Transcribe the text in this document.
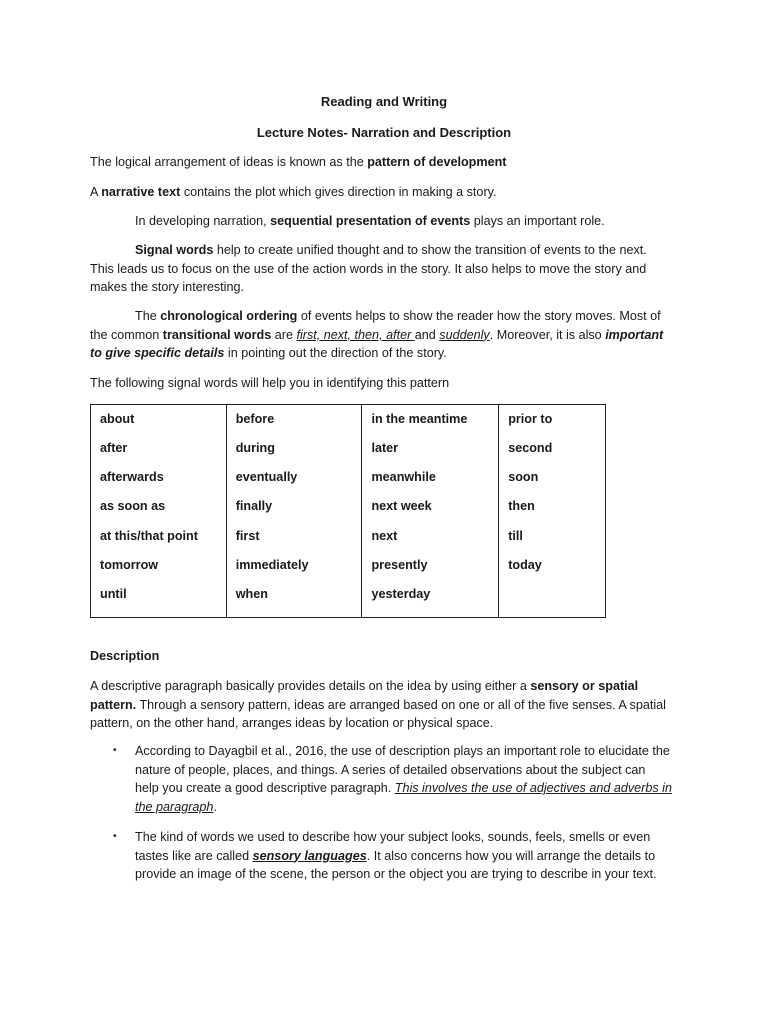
Reading and Writing
Lecture Notes- Narration and Description

The logical arrangement of ideas is known as the pattern of development

A narrative text contains the plot which gives direction in making a story.

In developing narration, sequential presentation of events plays an important role.

Signal words help to create unified thought and to show the transition of events to the next. This leads us to focus on the use of the action words in the story. It also helps to move the story and makes the story interesting.

The chronological ordering of events helps to show the reader how the story moves. Most of the common transitional words are first, next, then, after and suddenly. Moreover, it is also important to give specific details in pointing out the direction of the story.

The following signal words will help you in identifying this pattern

about	before	in the meantime	prior to
after	during	later	second
afterwards	eventually	meanwhile	soon
as soon as	finally	next week	then
at this/that point	first	next	till
tomorrow	immediately	presently	today
until	when	yesterday	

Description

A descriptive paragraph basically provides details on the idea by using either a sensory or spatial pattern. Through a sensory pattern, ideas are arranged based on one or all of the five senses. A spatial pattern, on the other hand, arranges ideas by location or physical space.

• According to Dayagbil et al., 2016, the use of description plays an important role to elucidate the nature of people, places, and things. A series of detailed observations about the subject can help you create a good descriptive paragraph. This involves the use of adjectives and adverbs in the paragraph.
• The kind of words we used to describe how your subject looks, sounds, feels, smells or even tastes like are called sensory languages. It also concerns how you will arrange the details to provide an image of the scene, the person or the object you are trying to describe in your text.
